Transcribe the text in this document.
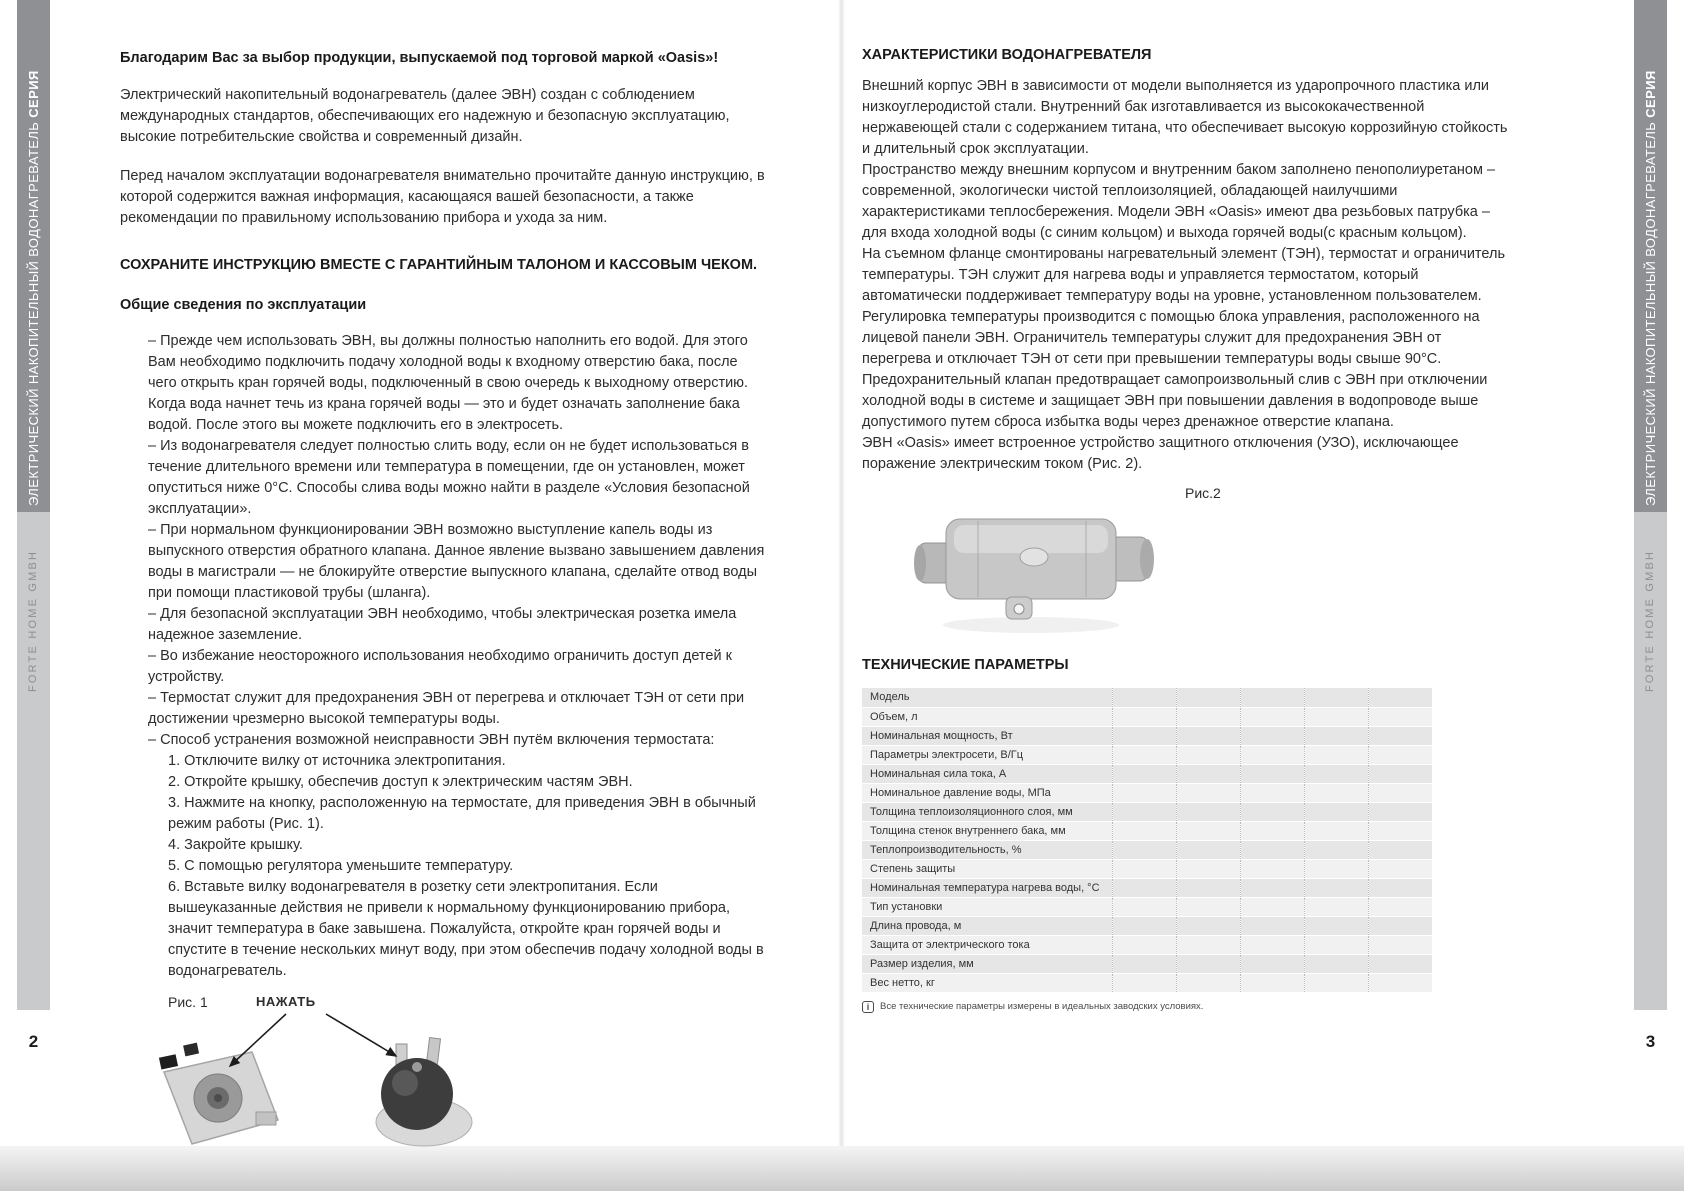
ЭЛЕКТРИЧЕСКИЙ НАКОПИТЕЛЬНЫЙ ВОДОНАГРЕВАТЕЛЬ СЕРИЯ
FORTE HOME GMBH
2
ЭЛЕКТРИЧЕСКИЙ НАКОПИТЕЛЬНЫЙ ВОДОНАГРЕВАТЕЛЬ СЕРИЯ
FORTE HOME GMBH
3

Благодарим Вас за выбор продукции, выпускаемой под торговой маркой «Oasis»!

Электрический накопительный водонагреватель (далее ЭВН) создан с соблюдением международных стандартов, обеспечивающих его надежную и безопасную эксплуатацию, высокие потребительские свойства и современный дизайн.

Перед началом эксплуатации водонагревателя внимательно прочитайте данную инструкцию, в которой содержится важная информация, касающаяся вашей безопасности, а также рекомендации по правильному использованию прибора и ухода за ним.

СОХРАНИТЕ ИНСТРУКЦИЮ ВМЕСТЕ С ГАРАНТИЙНЫМ ТАЛОНОМ И КАССОВЫМ ЧЕКОМ.

Общие сведения по эксплуатации

– Прежде чем использовать ЭВН, вы должны полностью наполнить его водой. Для этого Вам необходимо подключить подачу холодной воды к входному отверстию бака, после чего открыть кран горячей воды, подключенный в свою очередь к выходному отверстию. Когда вода начнет течь из крана горячей воды — это и будет означать заполнение бака водой. После этого вы можете подключить его в электросеть.

– Из водонагревателя следует полностью слить воду, если он не будет использоваться в течение длительного времени или температура в помещении, где он установлен, может опуститься ниже 0°С. Способы слива воды можно найти в разделе «Условия безопасной эксплуатации».

– При нормальном функционировании ЭВН возможно выступление капель воды из выпускного отверстия обратного клапана. Данное явление вызвано завышением давления воды в магистрали — не блокируйте отверстие выпускного клапана, сделайте отвод воды при помощи пластиковой трубы (шланга).

– Для безопасной эксплуатации ЭВН необходимо, чтобы электрическая розетка имела надежное заземление.

– Во избежание неосторожного использования необходимо ограничить доступ детей к устройству.

– Термостат служит для предохранения ЭВН от перегрева и отключает ТЭН от сети при достижении чрезмерно высокой температуры воды.

– Способ устранения возможной неисправности ЭВН путём включения термостата:

1. Отключите вилку от источника электропитания.

2. Откройте крышку, обеспечив доступ к электрическим частям ЭВН.

3. Нажмите на кнопку, расположенную на термостате, для приведения ЭВН в обычный режим работы (Рис. 1).

4. Закройте крышку.

5. С помощью регулятора уменьшите температуру.

6. Вставьте вилку водонагревателя в розетку сети электропитания. Если вышеуказанные действия не привели к нормальному функционированию прибора, значит температура в баке завышена. Пожалуйста, откройте кран горячей воды и спустите в течение нескольких минут воду, при этом обеспечив подачу холодной воды в водонагреватель.

Рис. 1	НАЖАТЬ

ХАРАКТЕРИСТИКИ ВОДОНАГРЕВАТЕЛЯ

Внешний корпус ЭВН в зависимости от модели выполняется из ударопрочного пластика или низкоуглеродистой стали. Внутренний бак изготавливается из высококачественной нержавеющей стали с содержанием титана, что обеспечивает высокую коррозийную стойкость и длительный срок эксплуатации.

Пространство между внешним корпусом и внутренним баком заполнено пенополиуретаном – современной, экологически чистой теплоизоляцией, обладающей наилучшими характеристиками теплосбережения. Модели ЭВН «Oasis» имеют два резьбовых патрубка – для входа холодной воды (с синим кольцом) и выхода горячей воды(с красным кольцом).

На съемном фланце смонтированы нагревательный элемент (ТЭН), термостат и ограничитель температуры. ТЭН служит для нагрева воды и управляется термостатом, который автоматически поддерживает температуру воды на уровне, установленном пользователем. Регулировка температуры производится с помощью блока управления, расположенного на лицевой панели ЭВН. Ограничитель температуры служит для предохранения ЭВН от перегрева и отключает ТЭН от сети при превышении температуры воды свыше 90°С.

Предохранительный клапан предотвращает самопроизвольный слив с ЭВН при отключении холодной воды в системе и защищает ЭВН при повышении давления в водопроводе выше допустимого путем сброса избытка воды через дренажное отверстие клапана.

ЭВН «Oasis» имеет встроенное устройство защитного отключения (УЗО), исключающее поражение электрическим током (Рис. 2).

Рис.2

ТЕХНИЧЕСКИЕ ПАРАМЕТРЫ

Модель					
Объем, л					
Номинальная мощность, Вт					
Параметры электросети, В/Гц					
Номинальная сила тока, А					
Номинальное давление воды, МПа					
Толщина теплоизоляционного слоя, мм					
Толщина стенок внутреннего бака, мм					
Теплопроизводительность, %					
Степень защиты					
Номинальная температура нагрева воды, °С					
Тип установки					
Длина провода, м					
Защита от электрического тока					
Размер изделия, мм					
Вес нетто, кг					
i	Все технические параметры измерены в идеальных заводских условиях.
